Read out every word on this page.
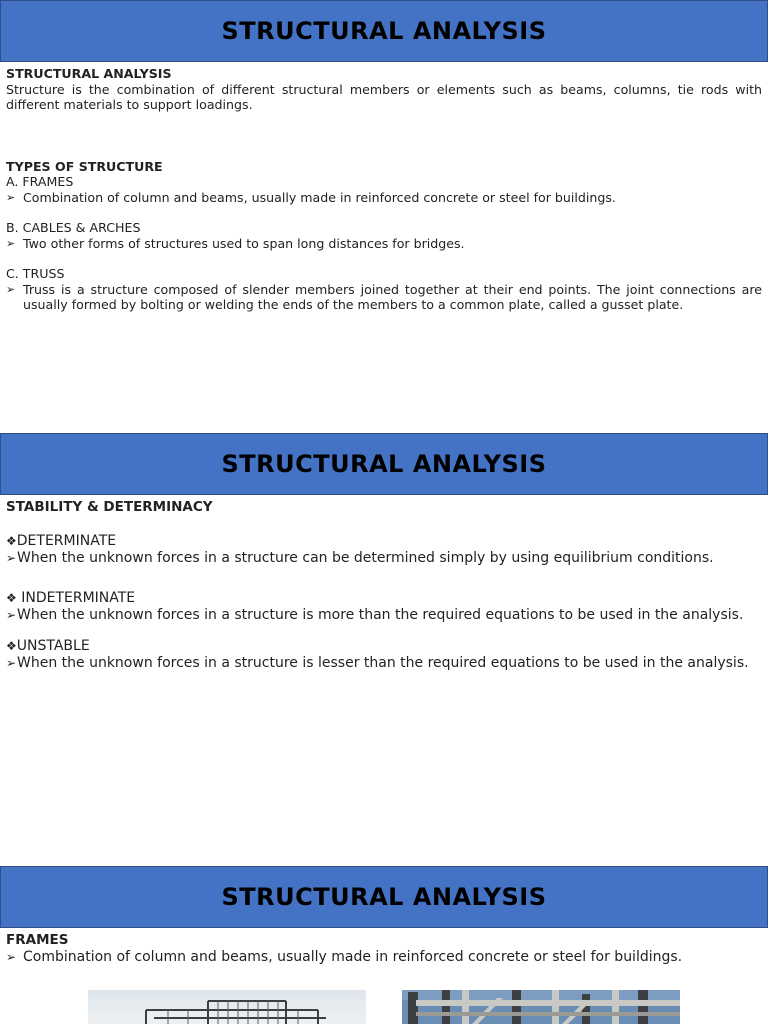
STRUCTURAL ANALYSIS
STRUCTURAL ANALYSIS
Structure is the combination of different structural members or elements such as beams, columns, tie rods with different materials to support loadings.
TYPES OF STRUCTURE
A. FRAMES
➢ Combination of column and beams, usually made in reinforced concrete or steel for buildings.
B. CABLES & ARCHES
➢ Two other forms of structures used to span long distances for bridges.
C. TRUSS
➢ Truss is a structure composed of slender members joined together at their end points. The joint connections are usually formed by bolting or welding the ends of the members to a common plate, called a gusset plate.
STRUCTURAL ANALYSIS
STABILITY & DETERMINACY
❖DETERMINATE
➢ When the unknown forces in a structure can be determined simply by using equilibrium conditions.
❖ INDETERMINATE
➢ When the unknown forces in a structure is more than the required equations to be used in the analysis.
❖UNSTABLE
➢ When the unknown forces in a structure is lesser than the required equations to be used in the analysis.
STRUCTURAL ANALYSIS
FRAMES
➢ Combination of column and beams, usually made in reinforced concrete or steel for buildings.
